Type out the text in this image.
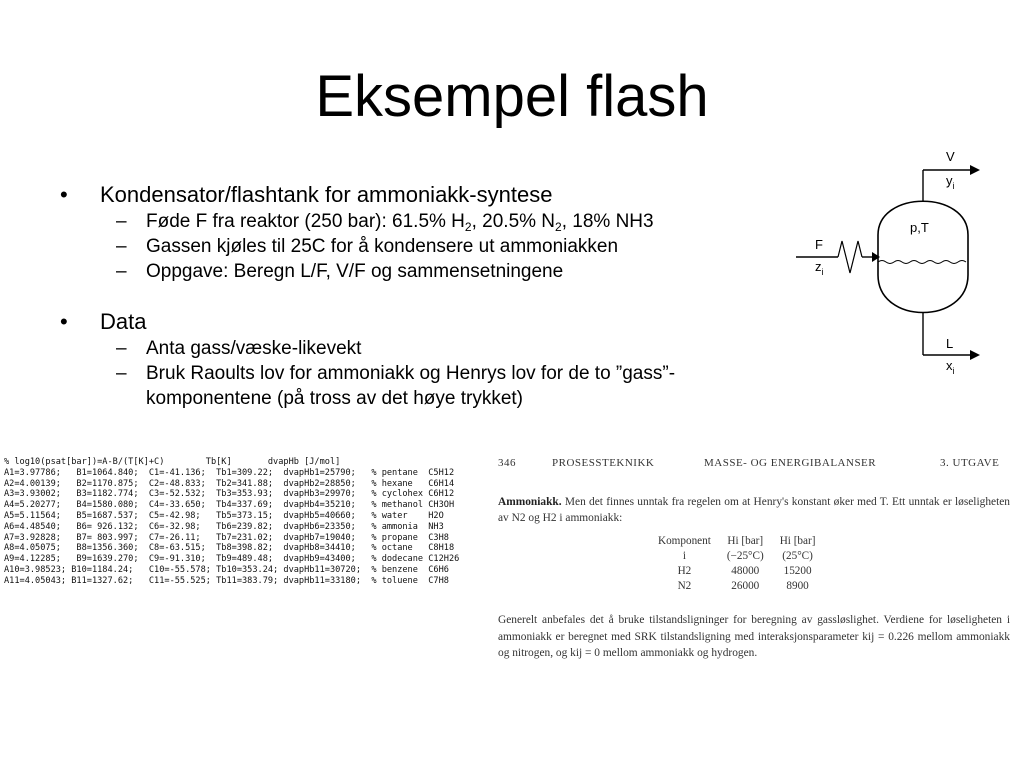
Eksempel flash
• Kondensator/flashtank for ammoniakk-syntese
– Føde F fra reaktor (250 bar): 61.5% $H_2$, 20.5% $N_2$, 18% NH3
– Gassen kjøles til 25C for å kondensere ut ammoniakken
– Oppgave: Beregn L/F, V/F og sammensetningene
• Data
– Anta gass/væske-likevekt
– Bruk Raoults lov for ammoniakk og Henrys lov for de to ”gass”-komponentene (på tross av det høye trykket)
V
$y_i$
p,T
F
$z_i$
L
$x_i$
% log10(psat[bar])=A-B/(T[K]+C)        Tb[K]       dvapHb [J/mol]
A1=3.97786;   B1=1064.840;  C1=-41.136;  Tb1=309.22;  dvapHb1=25790;   % pentane  C5H12
A2=4.00139;   B2=1170.875;  C2=-48.833;  Tb2=341.88;  dvapHb2=28850;   % hexane   C6H14
A3=3.93002;   B3=1182.774;  C3=-52.532;  Tb3=353.93;  dvapHb3=29970;   % cyclohex C6H12
A4=5.20277;   B4=1580.080;  C4=-33.650;  Tb4=337.69;  dvapHb4=35210;   % methanol CH3OH
A5=5.11564;   B5=1687.537;  C5=-42.98;   Tb5=373.15;  dvapHb5=40660;   % water    H2O
A6=4.48540;   B6= 926.132;  C6=-32.98;   Tb6=239.82;  dvapHb6=23350;   % ammonia  NH3
A7=3.92828;   B7= 803.997;  C7=-26.11;   Tb7=231.02;  dvapHb7=19040;   % propane  C3H8
A8=4.05075;   B8=1356.360;  C8=-63.515;  Tb8=398.82;  dvapHb8=34410;   % octane   C8H18
A9=4.12285;   B9=1639.270;  C9=-91.310;  Tb9=489.48;  dvapHb9=43400;   % dodecane C12H26
A10=3.98523; B10=1184.24;   C10=-55.578; Tb10=353.24; dvapHb11=30720;  % benzene  C6H6
A11=4.05043; B11=1327.62;   C11=-55.525; Tb11=383.79; dvapHb11=33180;  % toluene  C7H8
346	PROSESSTEKNIKK	MASSE- OG ENERGIBALANSER	3. UTGAVE
Ammoniakk. Men det finnes unntak fra regelen om at Henry's konstant øker med T. Ett unntak er løseligheten av N2 og H2 i ammoniakk:
Komponent	Hi [bar]	Hi [bar]
i	(−25°C)	(25°C)
H2	48000	15200
N2	26000	8900
Generelt anbefales det å bruke tilstandsligninger for beregning av gassløslighet. Verdiene for løseligheten i ammoniakk er beregnet med SRK tilstandsligning med interaksjonsparameter kij = 0.226 mellom ammoniakk og nitrogen, og kij = 0 mellom ammoniakk og hydrogen.
